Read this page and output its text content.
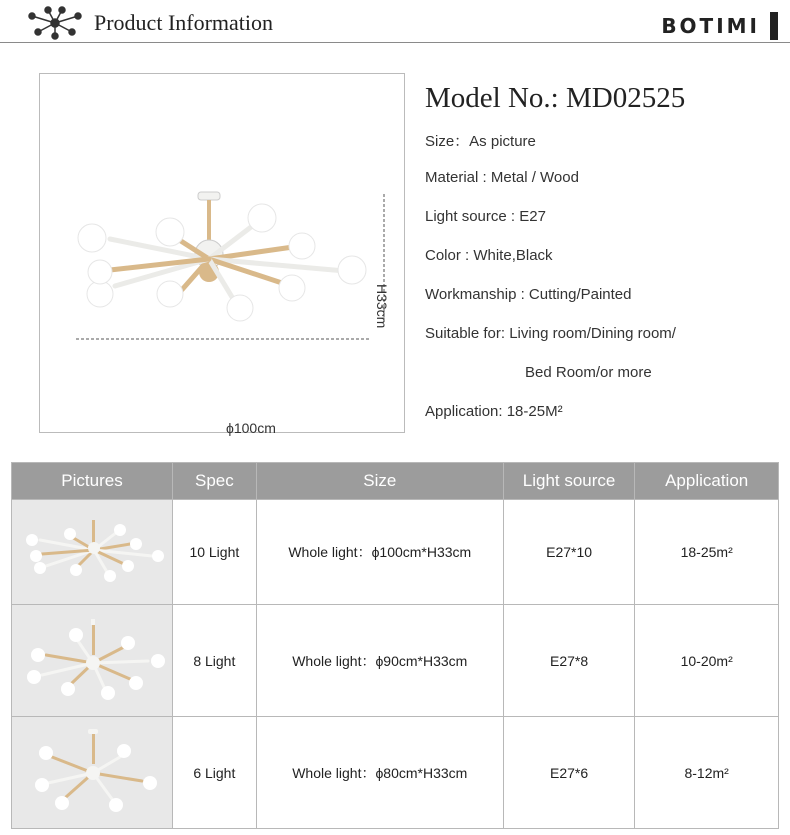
Product Information	BOTIMI
H33cm
ϕ100cm
Model No.: MD02525
Size：As picture
Material : Metal / Wood
Light source : E27
Color : White,Black
Workmanship : Cutting/Painted
Suitable for: Living room/Dining room/
Bed Room/or more
Application: 18-25M²
Pictures	Spec	Size	Light source	Application

	10 Light	Whole light：ϕ100cm*H33cm	E27*10	18-25m²

	8 Light	Whole light：ϕ90cm*H33cm	E27*8	10-20m²

	6 Light	Whole light：ϕ80cm*H33cm	E27*6	8-12m²
